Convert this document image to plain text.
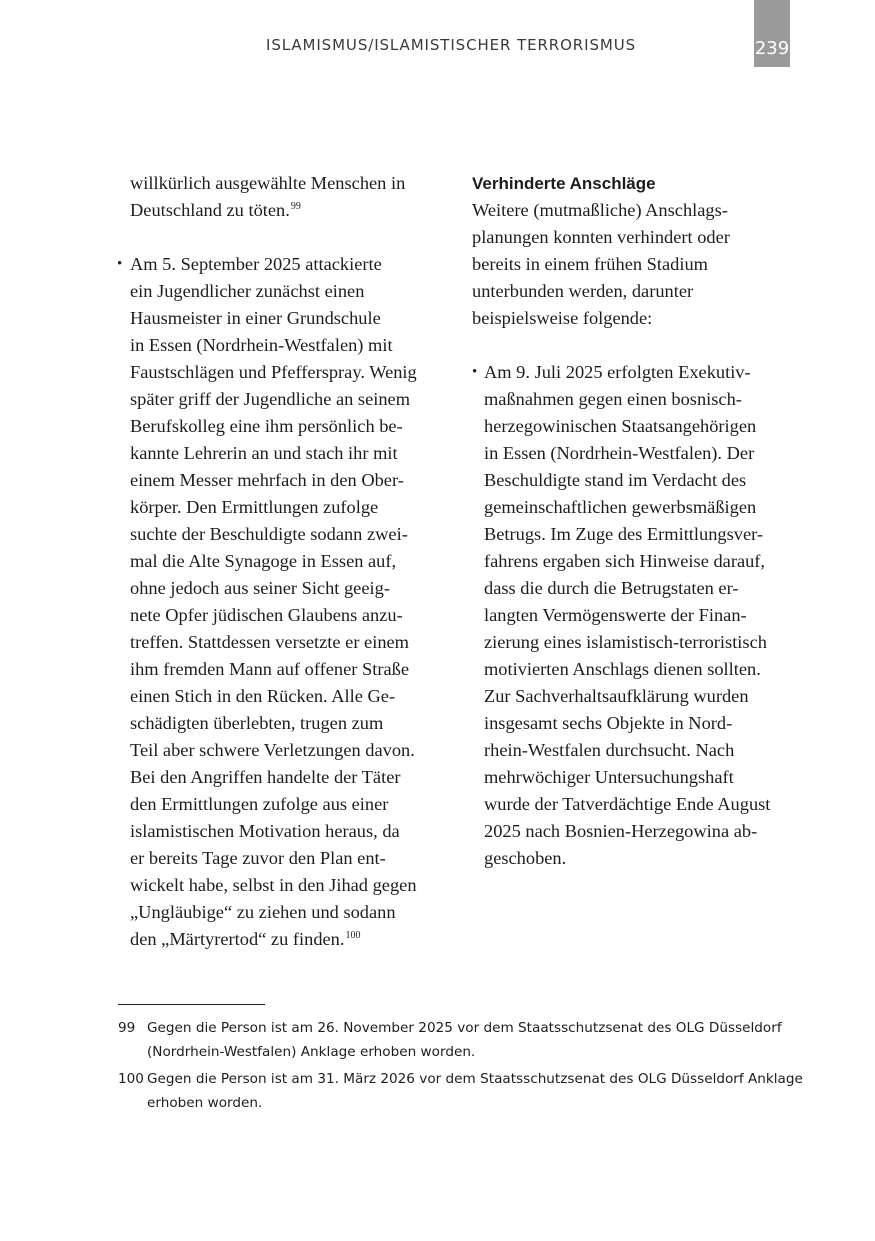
ISLAMISMUS/ISLAMISTISCHER TERRORISMUS	239
willkürlich ausgewählte Menschen in
Deutschland zu töten.$^{99}$
• Am 5. September 2025 attackierte
ein Jugendlicher zunächst einen
Hausmeister in einer Grundschule
in Essen (Nordrhein-Westfalen) mit
Faustschlägen und Pfefferspray. Wenig
später griff der Jugendliche an seinem
Berufskolleg eine ihm persönlich be-
kannte Lehrerin an und stach ihr mit
einem Messer mehrfach in den Ober-
körper. Den Ermittlungen zufolge
suchte der Beschuldigte sodann zwei-
mal die Alte Synagoge in Essen auf,
ohne jedoch aus seiner Sicht geeig-
nete Opfer jüdischen Glaubens anzu-
treffen. Stattdessen versetzte er einem
ihm fremden Mann auf offener Straße
einen Stich in den Rücken. Alle Ge-
schädigten überlebten, trugen zum
Teil aber schwere Verletzungen davon.
Bei den Angriffen handelte der Täter
den Ermittlungen zufolge aus einer
islamistischen Motivation heraus, da
er bereits Tage zuvor den Plan ent-
wickelt habe, selbst in den Jihad gegen
„Ungläubige“ zu ziehen und sodann
den „Märtyrertod“ zu finden.$^{100}$
Verhinderte Anschläge
Weitere (mutmaßliche) Anschlags-
planungen konnten verhindert oder
bereits in einem frühen Stadium
unterbunden werden, darunter
beispielsweise folgende:
• Am 9. Juli 2025 erfolgten Exekutiv-
maßnahmen gegen einen bosnisch-
herzegowinischen Staatsangehörigen
in Essen (Nordrhein-Westfalen). Der
Beschuldigte stand im Verdacht des
gemeinschaftlichen gewerbsmäßigen
Betrugs. Im Zuge des Ermittlungsver-
fahrens ergaben sich Hinweise darauf,
dass die durch die Betrugstaten er-
langten Vermögenswerte der Finan-
zierung eines islamistisch-terroristisch
motivierten Anschlags dienen sollten.
Zur Sachverhaltsaufklärung wurden
insgesamt sechs Objekte in Nord-
rhein-Westfalen durchsucht. Nach
mehrwöchiger Untersuchungshaft
wurde der Tatverdächtige Ende August
2025 nach Bosnien-Herzegowina ab-
geschoben.
99 Gegen die Person ist am 26. November 2025 vor dem Staatsschutzsenat des OLG Düsseldorf
(Nordrhein-Westfalen) Anklage erhoben worden.
100 Gegen die Person ist am 31. März 2026 vor dem Staatsschutzsenat des OLG Düsseldorf Anklage
erhoben worden.
